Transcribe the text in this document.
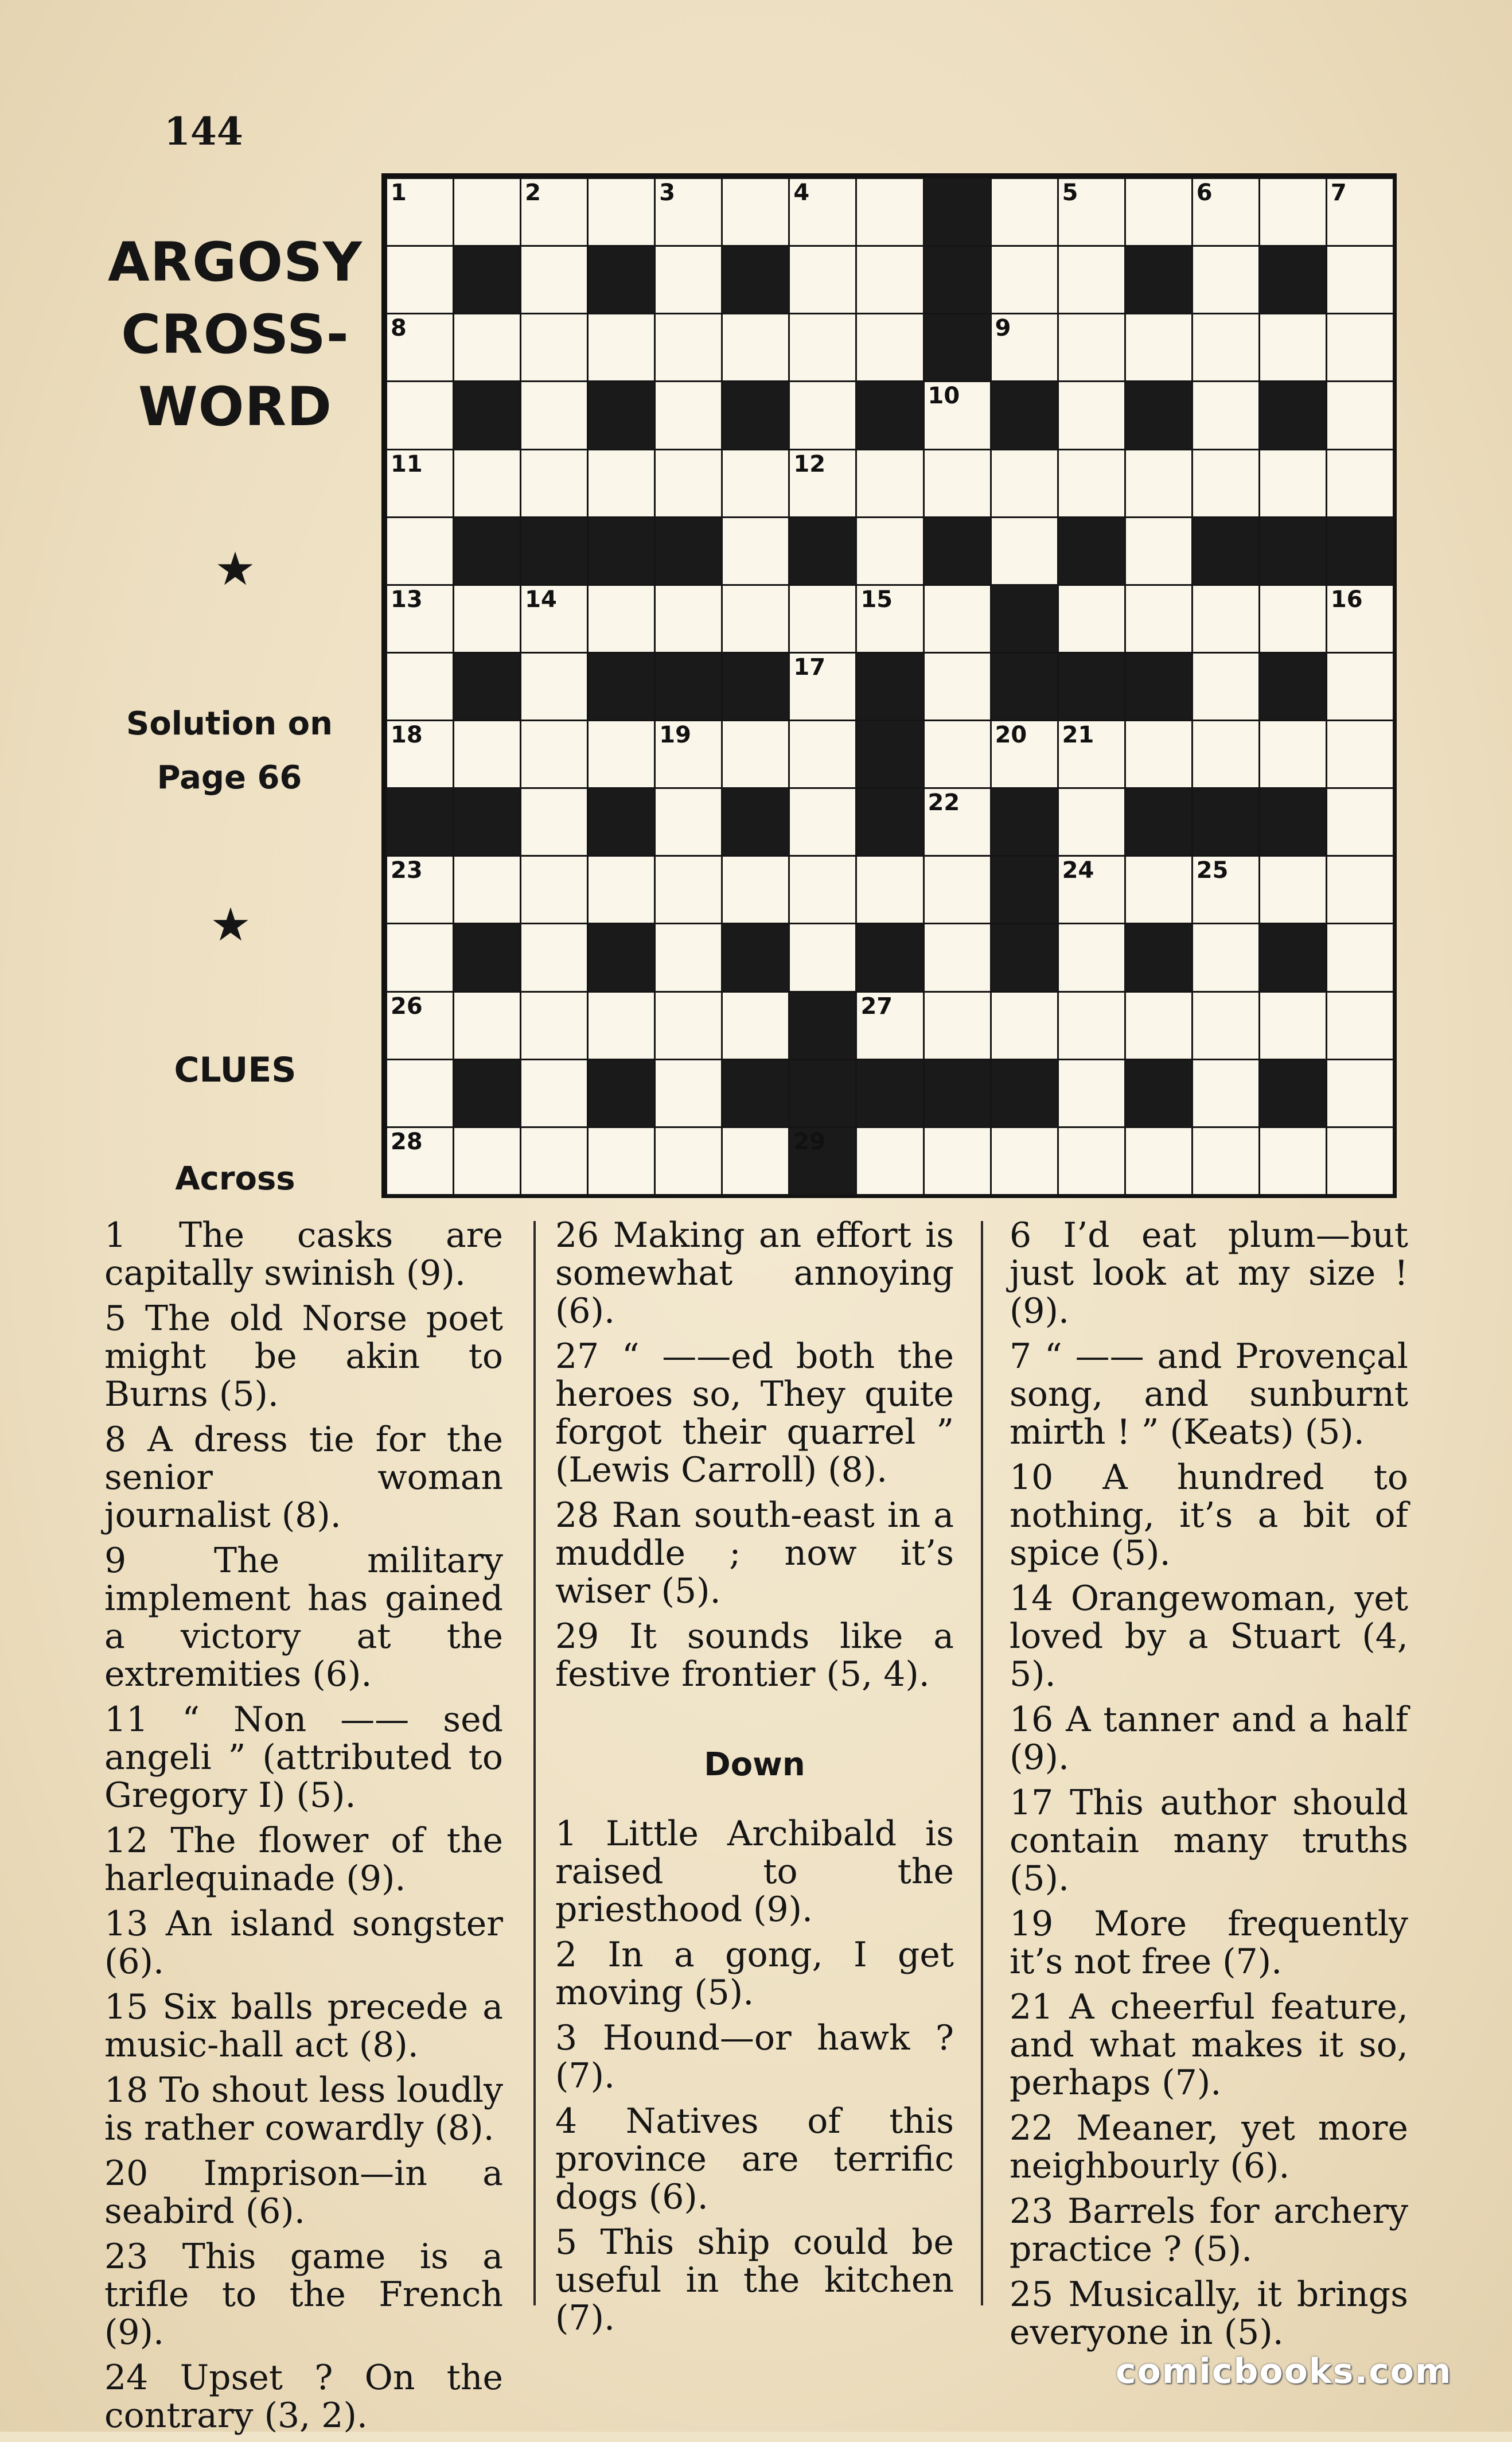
144
ARGOSY
CROSS-
WORD
★
Solution on
Page 66
★
CLUES
Across
1	2	3	4	5	6	7
8	9
10
11	12
13	14	15	16
17
18	19	20 21
22
23	24	25
26	27
28	29

1 The casks are capitally swinish (9).

5 The old Norse poet might be akin to Burns (5).

8 A dress tie for the senior woman journalist (8).

9 The military implement has gained a victory at the extremities (6).

11 “ Non —— sed angeli ” (attributed to Gregory I) (5).

12 The flower of the harlequinade (9).

13 An island songster (6).

15 Six balls precede a music-hall act (8).

18 To shout less loudly is rather cowardly (8).

20 Imprison—in a seabird (6).

23 This game is a trifle to the French (9).

24 Upset ? On the contrary (3, 2).

26 Making an effort is somewhat annoying (6).

27 “ ——ed both the heroes so, They quite forgot their quarrel ” (Lewis Carroll) (8).

28 Ran south-east in a muddle ; now it’s wiser (5).

29 It sounds like a festive frontier (5, 4).

Down

1 Little Archibald is raised to the priesthood (9).

2 In a gong, I get moving (5).

3 Hound—or hawk ? (7).

4 Natives of this province are terrific dogs (6).

5 This ship could be useful in the kitchen (7).

6 I’d eat plum—but just look at my size ! (9).

7 “ —— and Provençal song, and sunburnt mirth ! ” (Keats) (5).

10 A hundred to nothing, it’s a bit of spice (5).

14 Orangewoman, yet loved by a Stuart (4, 5).

16 A tanner and a half (9).

17 This author should contain many truths (5).

19 More frequently it’s not free (7).

21 A cheerful feature, and what makes it so, perhaps (7).

22 Meaner, yet more neighbourly (6).

23 Barrels for archery practice ? (5).

25 Musically, it brings everyone in (5).

comicbooks.com
